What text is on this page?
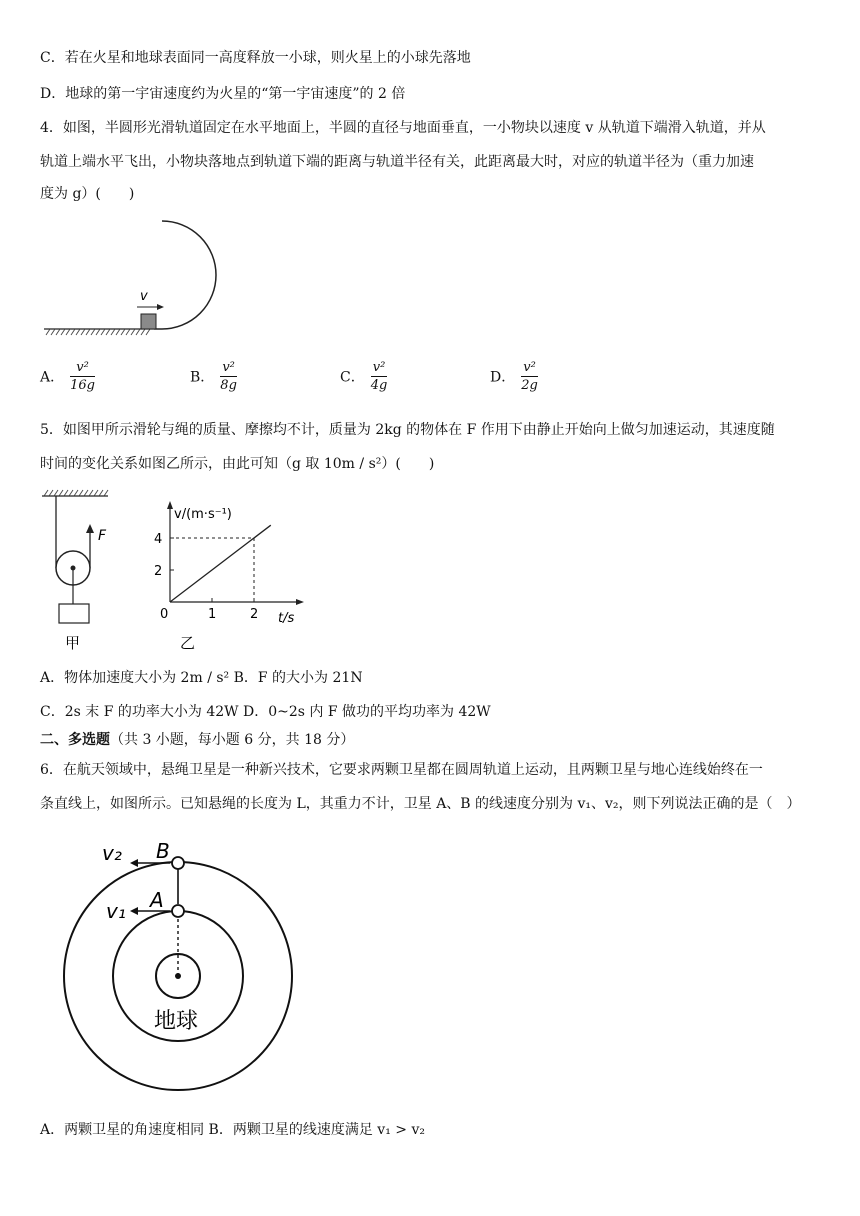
C．若在火星和地球表面同一高度释放一小球，则火星上的小球先落地
D．地球的第一宇宙速度约为火星的“第一宇宙速度”的 2 倍
4．如图，半圆形光滑轨道固定在水平地面上，半圆的直径与地面垂直，一小物块以速度 v 从轨道下端滑入轨道，并从
轨道上端水平飞出，小物块落地点到轨道下端的距离与轨道半径有关，此距离最大时，对应的轨道半径为（重力加速
度为 g）(　　)
v
A． $\frac{\text{v²}}{16g}$	B． $\frac{\text{v²}}{8g}$	C． $\frac{\text{v²}}{4g}$	D． $\frac{\text{v²}}{2g}$
5．如图甲所示滑轮与绳的质量、摩擦均不计，质量为 2kg 的物体在 F 作用下由静止开始向上做匀加速运动，其速度随
时间的变化关系如图乙所示，由此可知（g 取 10m / s²）(　　)
F
甲
v/(m·s⁻¹)
t/s
0	1	2
2
4
乙
A．物体加速度大小为 2m / s² B．F 的大小为 21N
C．2s 末 F 的功率大小为 42W D．0~2s 内 F 做功的平均功率为 42W
二、多选题（共 3 小题，每小题 6 分，共 18 分）
6．在航天领域中，悬绳卫星是一种新兴技术，它要求两颗卫星都在圆周轨道上运动，且两颗卫星与地心连线始终在一
条直线上，如图所示。已知悬绳的长度为 L，其重力不计，卫星 A、B 的线速度分别为 v₁、v₂，则下列说法正确的是（　）
B
A
v₂
v₁
地球
A．两颗卫星的角速度相同 B．两颗卫星的线速度满足 v₁ > v₂
